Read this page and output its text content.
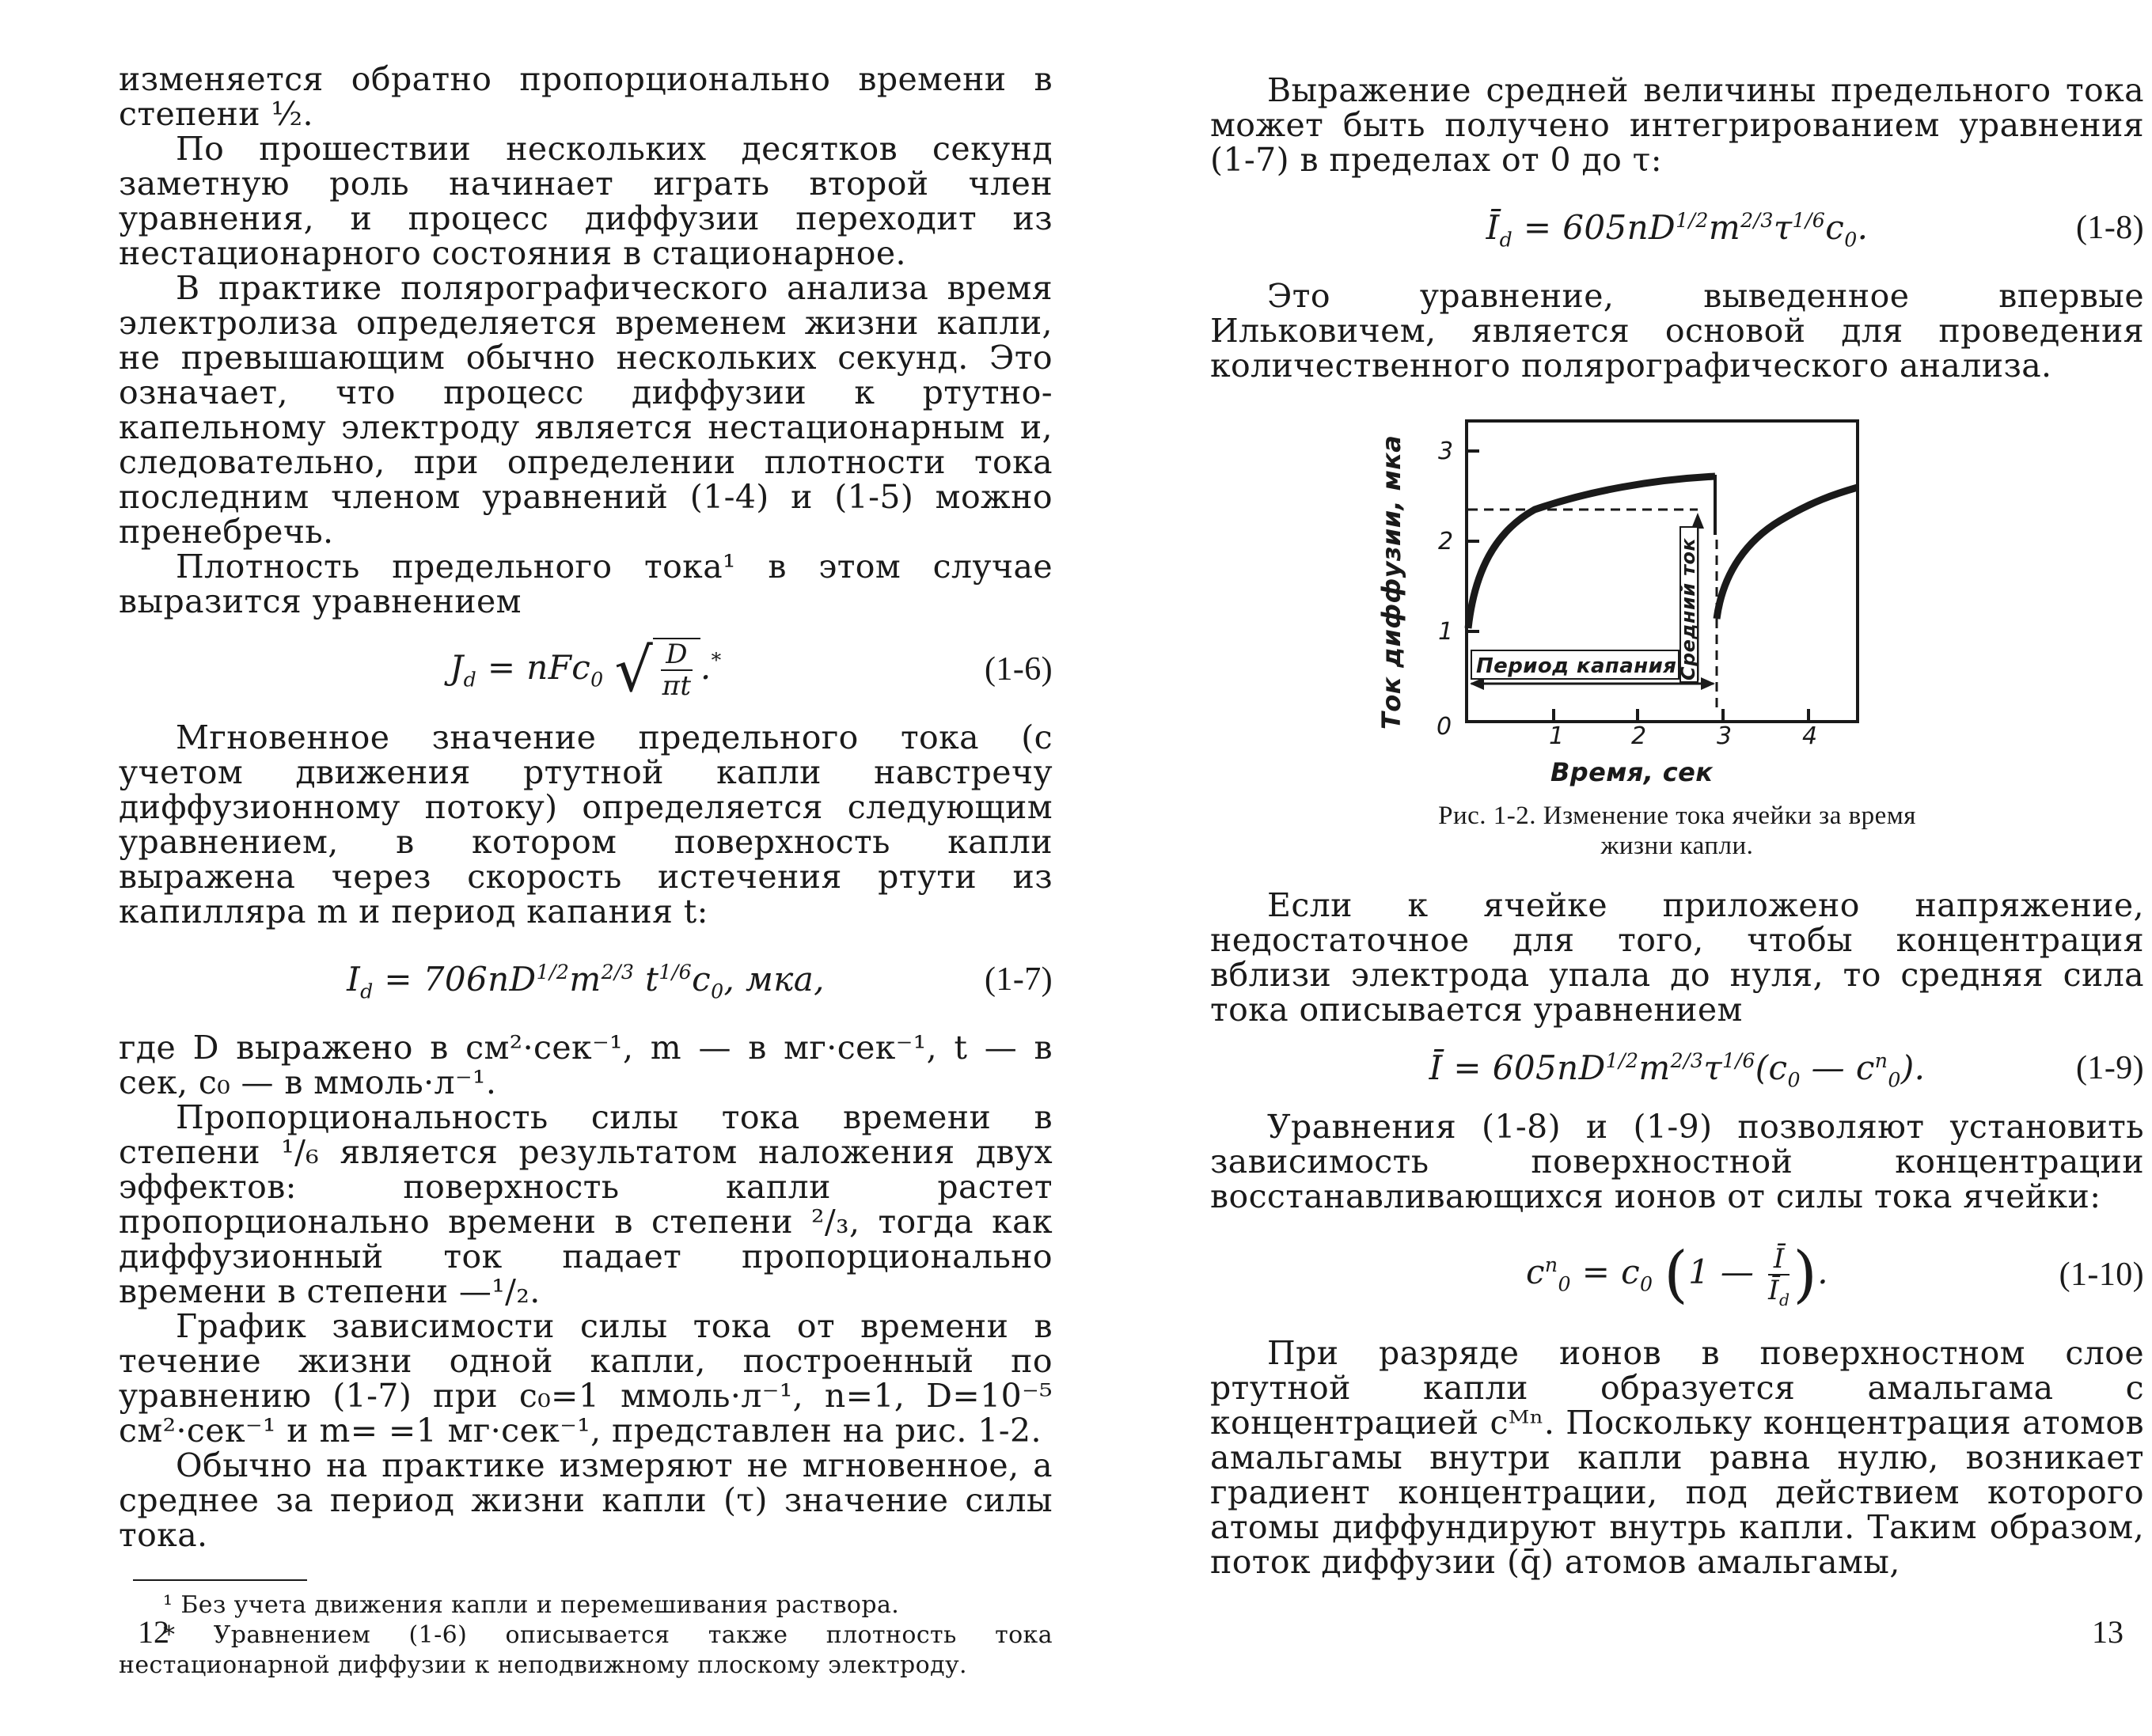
изменяется обратно пропорционально времени в степени ½.

По прошествии нескольких десятков секунд заметную роль начинает играть второй член уравнения, и процесс диффузии переходит из нестационарного состояния в стационарное.

В практике полярографического анализа время электролиза определяется временем жизни капли, не превышающим обычно нескольких секунд. Это означает, что процесс диффузии к ртутно-капельному электроду является нестационарным и, следовательно, при определении плотности тока последним членом уравнений (1-4) и (1-5) можно пренебречь.

Плотность предельного тока¹ в этом случае выразится уравнением

$J_d = nFc_0$ √ $\frac{D}{\pi t} .^*$	(1-6)

Мгновенное значение предельного тока (с учетом движения ртутной капли навстречу диффузионному потоку) определяется следующим уравнением, в котором поверхность капли выражена через скорость истечения ртути из капилляра m и период капания t:

$I_d = 706nD^{1/2}m^{2/3}$ $t^{1/6}c_0$, мка,	(1-7)

где D выражено в см²·сек⁻¹, m — в мг·сек⁻¹, t — в сек, c₀ — в ммоль·л⁻¹.

Пропорциональность силы тока времени в степени ¹/₆ является результатом наложения двух эффектов: поверхность капли растет пропорционально времени в степени ²/₃, тогда как диффузионный ток падает пропорционально времени в степени —¹/₂.

График зависимости силы тока от времени в течение жизни одной капли, построенный по уравнению (1-7) при c₀=1 ммоль·л⁻¹, n=1, D=10⁻⁵ см²·сек⁻¹ и m= =1 мг·сек⁻¹, представлен на рис. 1-2.

Обычно на практике измеряют не мгновенное, а среднее за период жизни капли (τ) значение силы тока.

¹ Без учета движения капли и перемешивания раствора.

* Уравнением (1-6) описывается также плотность тока нестационарной диффузии к неподвижному плоскому электроду.

12

Выражение средней величины предельного тока может быть получено интегрированием уравнения (1-7) в пределах от 0 до τ:

$Ī_d = 605nD^{1/2}m^{2/3}\tau^{1/6}c_0$.	(1-8)

Это уравнение, выведенное впервые Ильковичем, является основой для проведения количественного полярографического анализа.

Период капания Средний ток
3
2
1
0	1	2	3	4
Ток диффузии, мка
Время, сек
Рис. 1-2. Изменение тока ячейки за время жизни капли.

Если к ячейке приложено напряжение, недостаточное для того, чтобы концентрация вблизи электрода упала до нуля, то средняя сила тока описывается уравнением

Ī = $605nD^{1/2}m^{2/3}\tau^{1/6}(c_0$ — $c^n_0$).	(1-9)

Уравнения (1-8) и (1-9) позволяют установить зависимость поверхностной концентрации восстанавливающихся ионов от силы тока ячейки:

$c^n_0 = c_0$ (1 — $\frac{Ī}{Ī_d}$ ).	(1-10)

При разряде ионов в поверхностном слое ртутной капли образуется амальгама с концентрацией cᴹⁿ. Поскольку концентрация атомов амальгамы внутри капли равна нулю, возникает градиент концентрации, под действием которого атомы диффундируют внутрь капли. Таким образом, поток диффузии (q̄) атомов амальгамы,

13
